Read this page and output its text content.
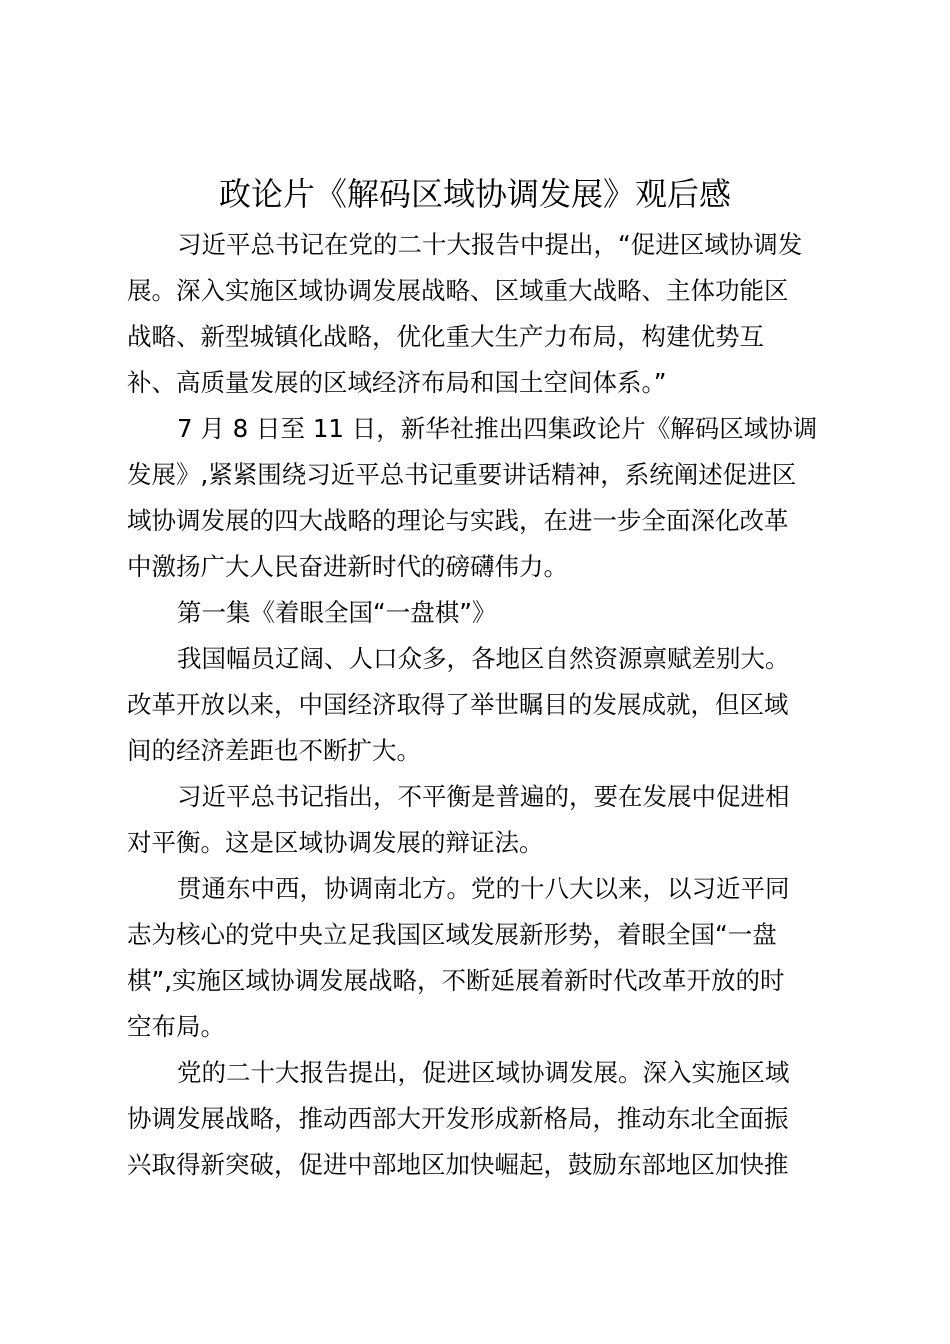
政论片《解码区域协调发展》观后感
习近平总书记在党的二十大报告中提出，“促进区域协调发
展。深入实施区域协调发展战略、区域重大战略、主体功能区
战略、新型城镇化战略，优化重大生产力布局，构建优势互
补、高质量发展的区域经济布局和国土空间体系。”
7 月 8 日至 11 日，新华社推出四集政论片《解码区域协调
发展》,紧紧围绕习近平总书记重要讲话精神，系统阐述促进区
域协调发展的四大战略的理论与实践，在进一步全面深化改革
中激扬广大人民奋进新时代的磅礴伟力。
第一集《着眼全国“一盘棋”》
我国幅员辽阔、人口众多，各地区自然资源禀赋差别大。
改革开放以来，中国经济取得了举世瞩目的发展成就，但区域
间的经济差距也不断扩大。
习近平总书记指出，不平衡是普遍的，要在发展中促进相
对平衡。这是区域协调发展的辩证法。
贯通东中西，协调南北方。党的十八大以来，以习近平同
志为核心的党中央立足我国区域发展新形势，着眼全国“一盘
棋”,实施区域协调发展战略，不断延展着新时代改革开放的时
空布局。
党的二十大报告提出，促进区域协调发展。深入实施区域
协调发展战略，推动西部大开发形成新格局，推动东北全面振
兴取得新突破，促进中部地区加快崛起，鼓励东部地区加快推
